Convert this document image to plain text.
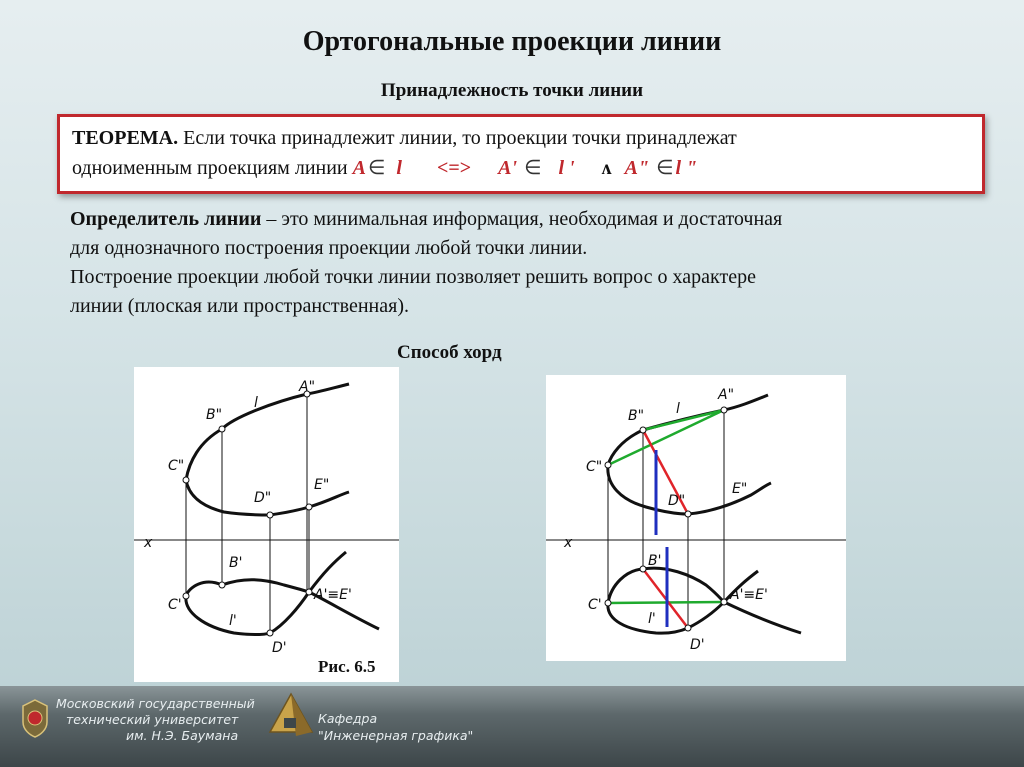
Ортогональные проекции линии
Принадлежность точки линии
ТЕОРЕМА. Если точка принадлежит линии, то проекции точки принадлежат
одноименным проекциям линии A ∈ l <=> A' ∈ l ' ʌ A" ∈ l "
Определитель линии – это минимальная информация, необходимая и достаточная
для однозначного построения проекции любой точки линии.
Построение проекции любой точки линии позволяет решить вопрос о характере
линии (плоская или пространственная).
Способ хорд
B"
l
A"
C"
D"
E"
x
B'
C'
A'≡E'
l'
D'
B" l
A"
C"
D"
E"
x
B'
C'
A'≡E'
l'
D'
Рис. 6.5
Московский государственный
технический университет
им. Н.Э. Баумана
Кафедра
"Инженерная графика"
